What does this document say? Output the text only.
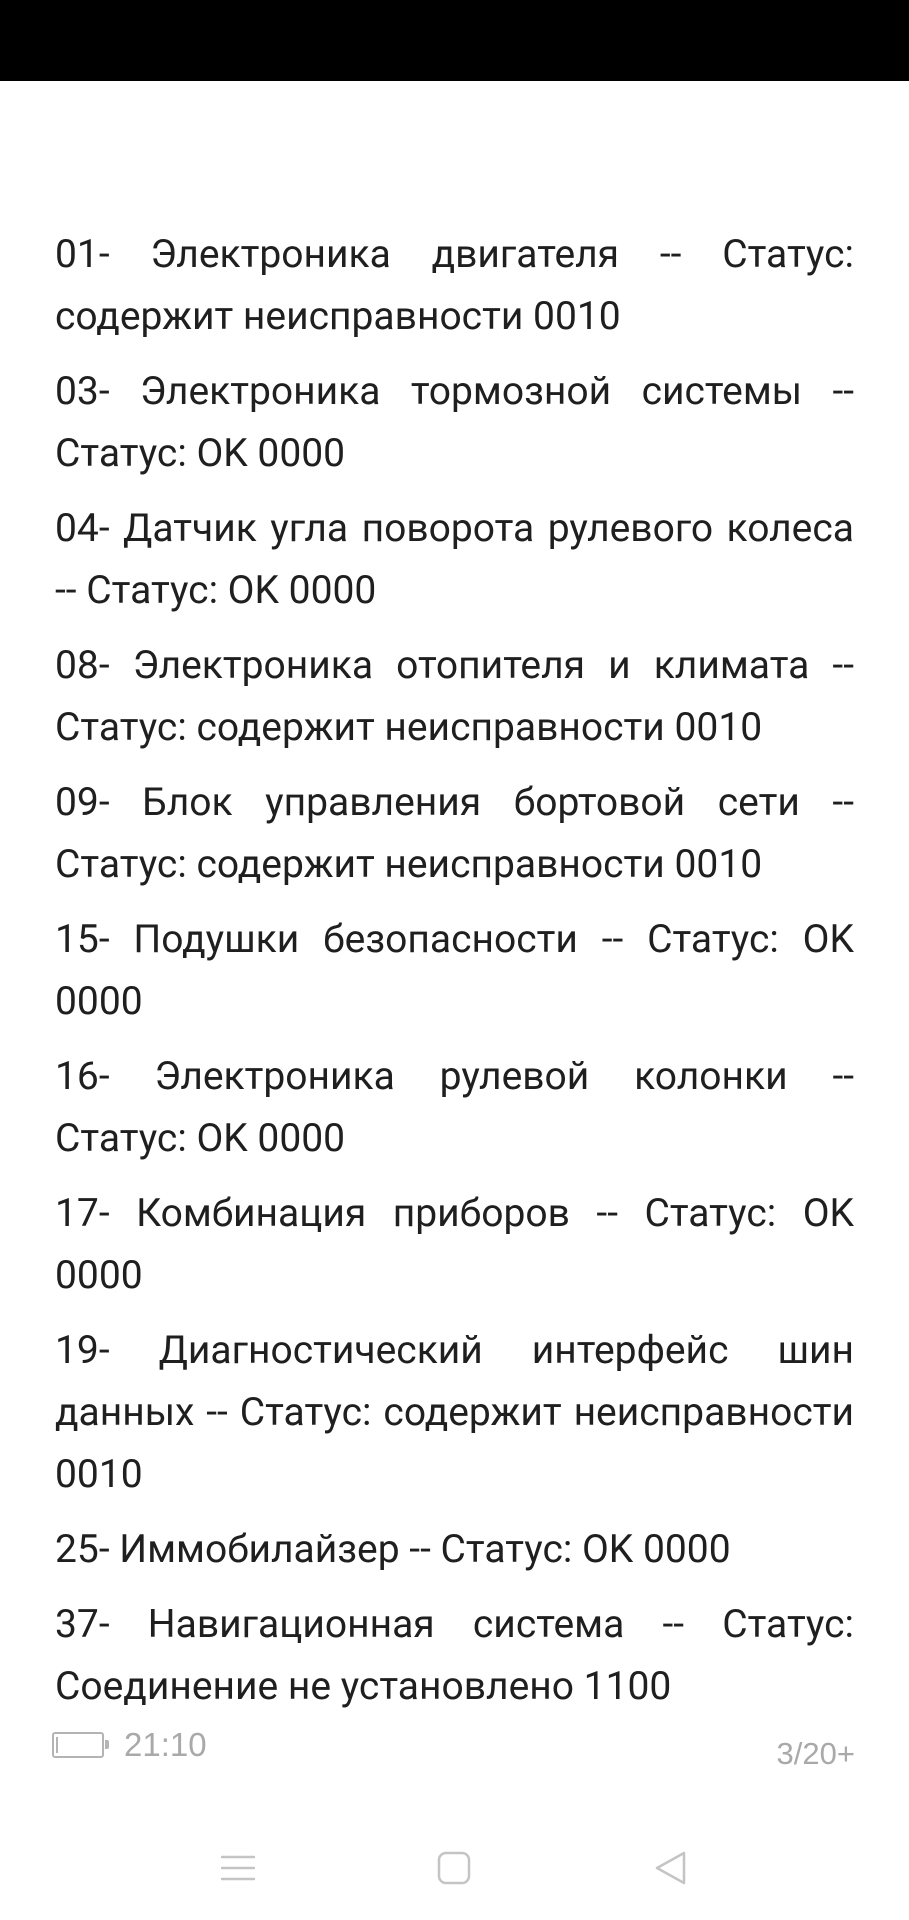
01- Электроника двигателя -- Статус: содержит неисправности 0010

03- Электроника тормозной системы -- Статус: OK 0000

04- Датчик угла поворота рулевого колеса -- Статус: OK 0000

08- Электроника отопителя и климата -- Статус: содержит неисправности 0010

09- Блок управления бортовой сети -- Статус: содержит неисправности 0010

15- Подушки безопасности -- Статус: OK 0000

16- Электроника рулевой колонки -- Статус: OK 0000

17- Комбинация приборов -- Статус: OK 0000

19- Диагностический интерфейс шин данных -- Статус: содержит неисправности 0010

25- Иммобилайзер -- Статус: OK 0000

37- Навигационная система -- Статус: Соединение не установлено 1100

21:10	3/20+
